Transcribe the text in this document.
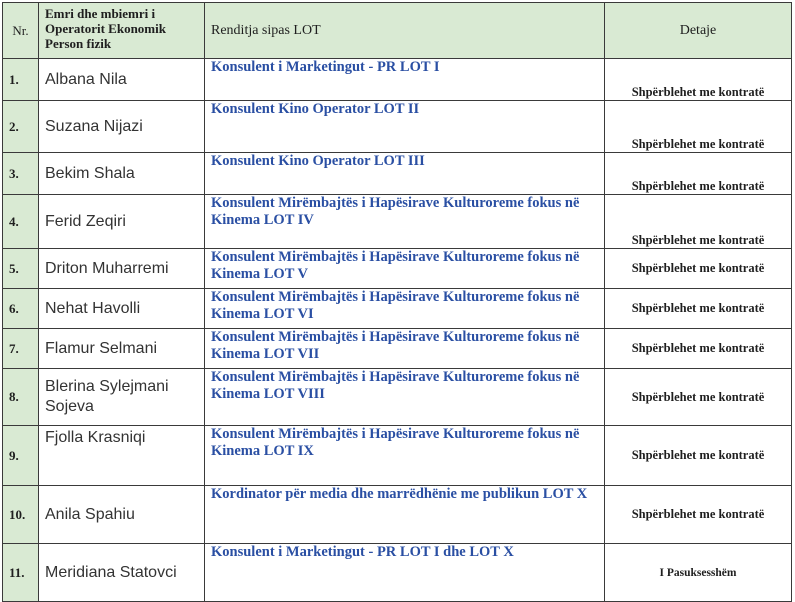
Nr.	Emri dhe mbiemri i Operatorit Ekonomik Person fizik	Renditja sipas LOT	Detaje
1.	Albana Nila	Konsulent i Marketingut - PR LOT I	Shpërblehet me kontratë
2.	Suzana Nijazi	Konsulent Kino Operator LOT II	Shpërblehet me kontratë
3.	Bekim Shala	Konsulent Kino Operator LOT III	Shpërblehet me kontratë
4.	Ferid Zeqiri	Konsulent Mirëmbajtës i Hapësirave Kulturoreme fokus në Kinema LOT IV	Shpërblehet me kontratë
5.	Driton Muharremi	Konsulent Mirëmbajtës i Hapësirave Kulturoreme fokus në Kinema LOT V	Shpërblehet me kontratë
6.	Nehat Havolli	Konsulent Mirëmbajtës i Hapësirave Kulturoreme fokus në Kinema LOT VI	Shpërblehet me kontratë
7.	Flamur Selmani	Konsulent Mirëmbajtës i Hapësirave Kulturoreme fokus në Kinema LOT VII	Shpërblehet me kontratë
8.	Blerina Sylejmani Sojeva	Konsulent Mirëmbajtës i Hapësirave Kulturoreme fokus në Kinema LOT VIII	Shpërblehet me kontratë
9.	Fjolla Krasniqi	Konsulent Mirëmbajtës i Hapësirave Kulturoreme fokus në Kinema LOT IX	Shpërblehet me kontratë
10.	Anila Spahiu	Kordinator për media dhe marrëdhënie me publikun LOT X	Shpërblehet me kontratë
11.	Meridiana Statovci	Konsulent i Marketingut - PR LOT I dhe LOT X	I Pasuksesshëm
